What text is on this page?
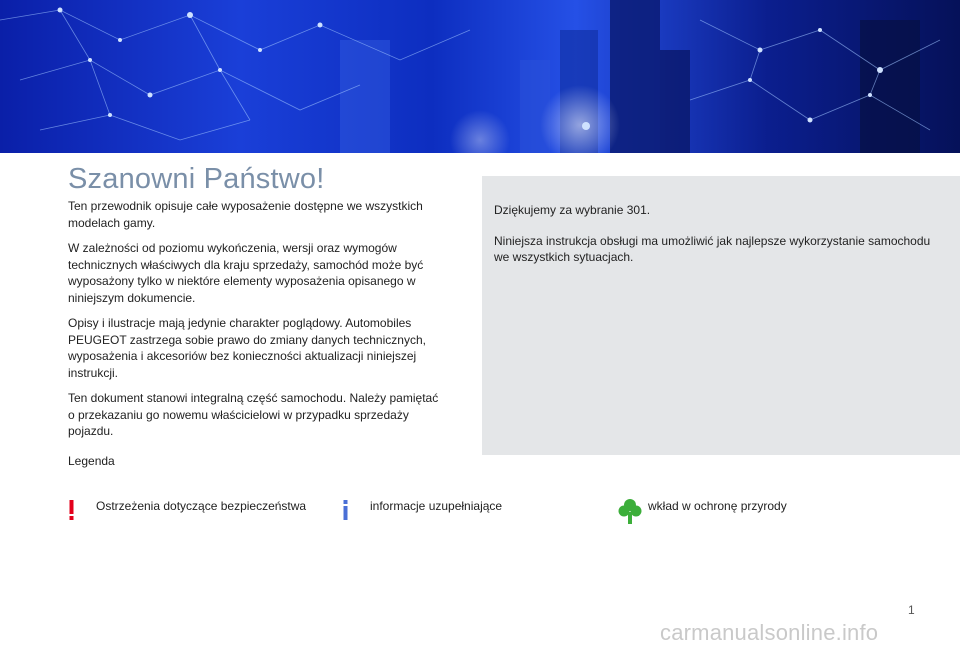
Szanowni Państwo!

Ten przewodnik opisuje całe wyposażenie dostępne we wszystkich modelach gamy.

W zależności od poziomu wykończenia, wersji oraz wymogów technicznych właściwych dla kraju sprzedaży, samochód może być wyposażony tylko w niektóre elementy wyposażenia opisanego w niniejszym dokumencie.

Opisy i ilustracje mają jedynie charakter poglądowy. Automobiles PEUGEOT zastrzega sobie prawo do zmiany danych technicznych, wyposażenia i akcesoriów bez konieczności aktualizacji niniejszej instrukcji.

Ten dokument stanowi integralną część samochodu. Należy pamiętać o przekazaniu go nowemu właścicielowi w przypadku sprzedaży pojazdu.

Dziękujemy za wybranie 301.

Niniejsza instrukcja obsługi ma umożliwić jak najlepsze wykorzystanie samochodu we wszystkich sytuacjach.

Legenda
Ostrzeżenia dotyczące bezpieczeństwa	informacje uzupełniające	wkład w ochronę przyrody
1
carmanualsonline.info
